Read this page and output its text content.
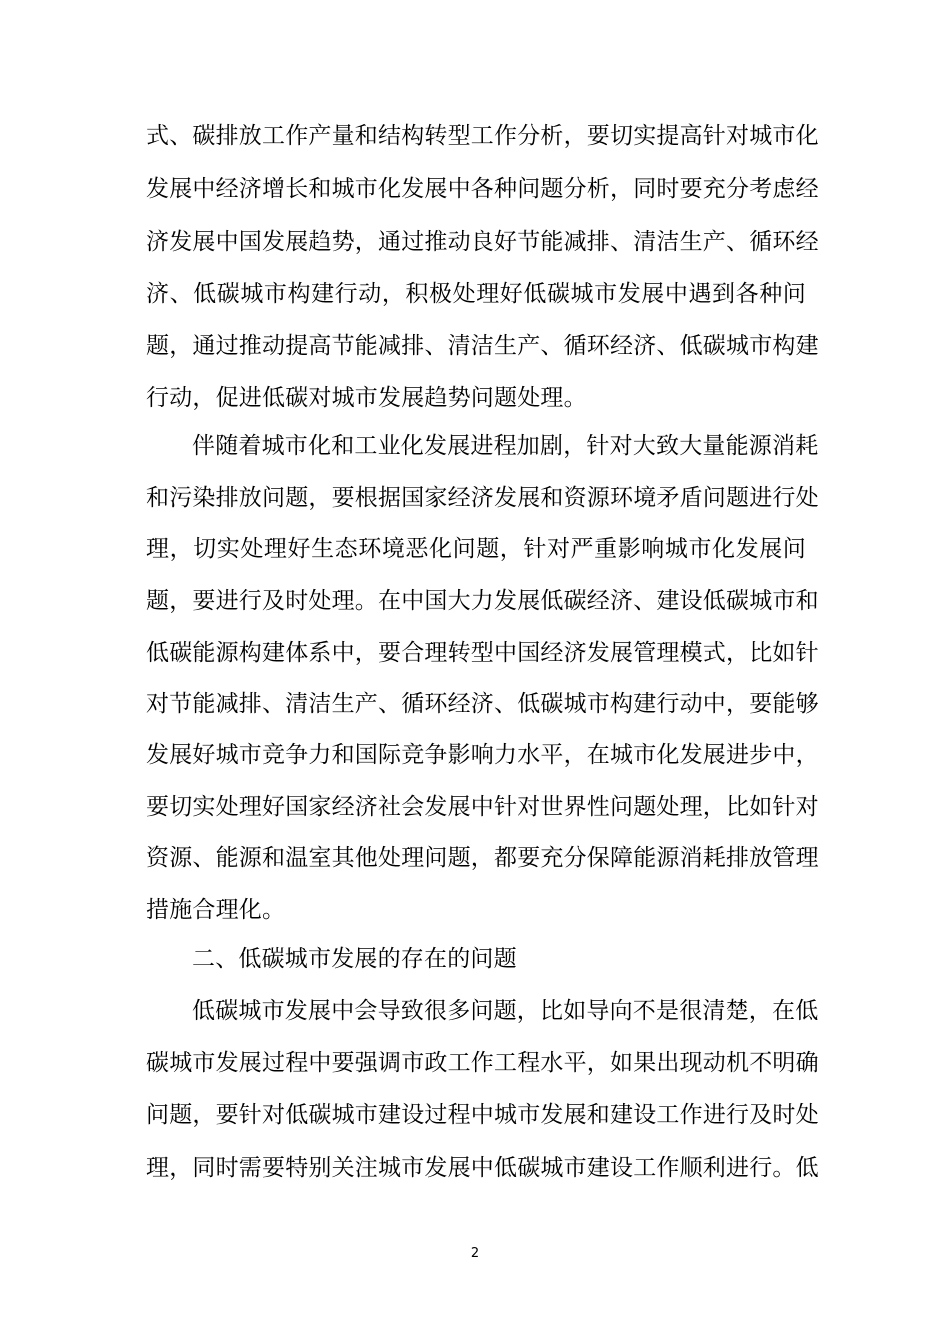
式、碳排放工作产量和结构转型工作分析，要切实提高针对城市化
发展中经济增长和城市化发展中各种问题分析，同时要充分考虑经
济发展中国发展趋势，通过推动良好节能减排、清洁生产、循环经
济、低碳城市构建行动，积极处理好低碳城市发展中遇到各种问
题，通过推动提高节能减排、清洁生产、循环经济、低碳城市构建
行动，促进低碳对城市发展趋势问题处理。
伴随着城市化和工业化发展进程加剧，针对大致大量能源消耗
和污染排放问题，要根据国家经济发展和资源环境矛盾问题进行处
理，切实处理好生态环境恶化问题，针对严重影响城市化发展问
题，要进行及时处理。在中国大力发展低碳经济、建设低碳城市和
低碳能源构建体系中，要合理转型中国经济发展管理模式，比如针
对节能减排、清洁生产、循环经济、低碳城市构建行动中，要能够
发展好城市竞争力和国际竞争影响力水平，在城市化发展进步中，
要切实处理好国家经济社会发展中针对世界性问题处理，比如针对
资源、能源和温室其他处理问题，都要充分保障能源消耗排放管理
措施合理化。
二、低碳城市发展的存在的问题
低碳城市发展中会导致很多问题，比如导向不是很清楚，在低
碳城市发展过程中要强调市政工作工程水平，如果出现动机不明确
问题，要针对低碳城市建设过程中城市发展和建设工作进行及时处
理，同时需要特别关注城市发展中低碳城市建设工作顺利进行。低
2
